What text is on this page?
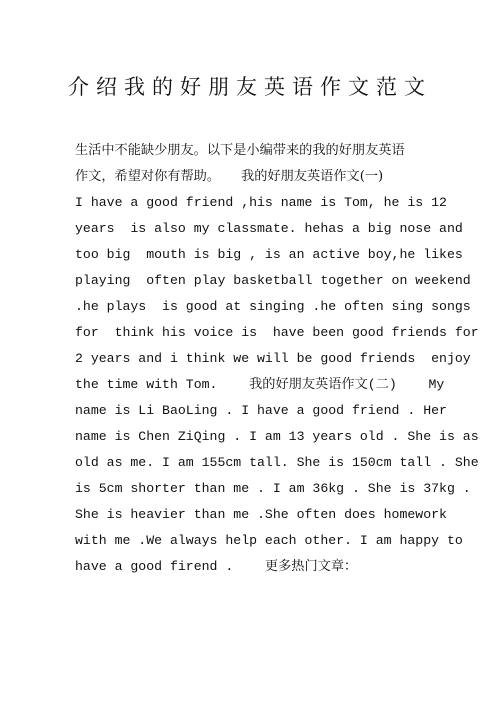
介绍我的好朋友英语作文范文
生活中不能缺少朋友。以下是小编带来的我的好朋友英语
作文，希望对你有帮助。     我的好朋友英语作文(一)
I have a good friend ,his name is Tom, he is 12
years  is also my classmate. hehas a big nose and
too big  mouth is big , is an active boy,he likes
playing  often play basketball together on weekend
.he plays  is good at singing .he often sing songs
for  think his voice is  have been good friends for
2 years and i think we will be good friends  enjoy
the time with Tom.    我的好朋友英语作文(二)    My
name is Li BaoLing . I have a good friend . Her
name is Chen ZiQing . I am 13 years old . She is as
old as me. I am 155cm tall. She is 150cm tall . She
is 5cm shorter than me . I am 36kg . She is 37kg .
She is heavier than me .She often does homework
with me .We always help each other. I am happy to
have a good firend .    更多热门文章：
